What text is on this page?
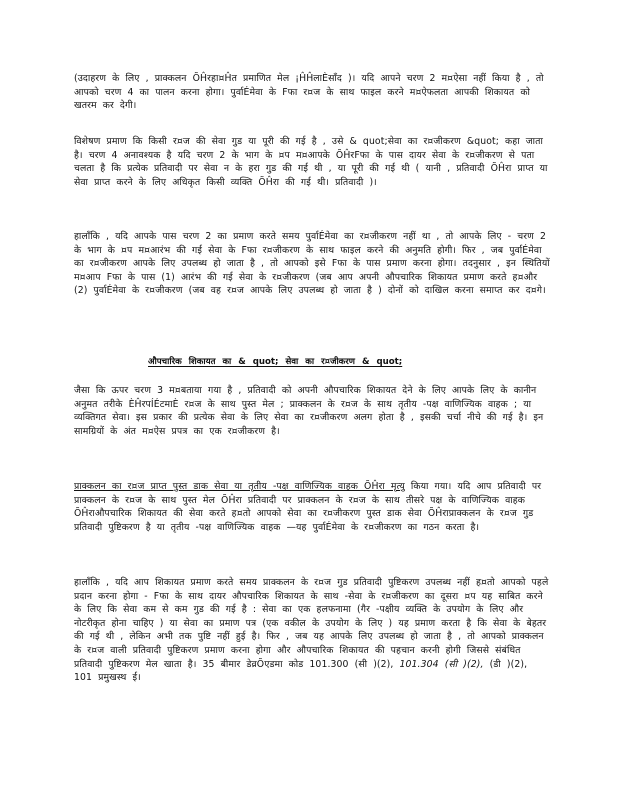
(उदाहरण के लिए , प्राक्कलन ÕĤरहा¤Ĥत प्रमाणित मेल ¡ĤĤलाÈसाँद )। यदि आपने चरण 2 म¤ऐसा नहीं किया है , तो आपको चरण 4 का पालन करना होगा। पुर्वाÉमेवा के Fफा र¤ज के साथ फाइल करने म¤ऐफलता आपकी शिकायत को खतरम कर देगी।

विशेषण प्रमाण कि किसी र¤ज की सेवा गुड या पूरी की गई है , उसे & quot;सेवा का र¤जीकरण &quot; कहा जाता है। चरण 4 अनावश्यक है यदि चरण 2 के भाग के ¤प म¤आपके ÕĤरFफा के पास दायर सेवा के र¤जीकरण से पता चलता है कि प्रत्येक प्रतिवादी पर सेवा न के हरा गुड की गई थी , या पूरी की गई थी ( यानी , प्रतिवादी ÕĤरा प्राप्त या सेवा प्राप्त करने के लिए अधिकृत किसी व्यक्ति ÕĤरा की गई थी। प्रतिवादी )।

हालाँकि , यदि आपके पास चरण 2 का प्रमाण करते समय पुर्वाÉमेवा का र¤जीकरण नहीं था , तो आपके लिए - चरण 2 के भाग के ¤प म¤आरंभ की गई सेवा के Fफा र¤जीकरण के साथ फाइल करने की अनुमति होगी। फिर , जब पुर्वाÉमेवा का र¤जीकरण आपके लिए उपलब्ध हो जाता है , तो आपको इसे Fफा के पास प्रमाण करना होगा। तदनुसार , इन स्थितियों म¤आप Fफा के पास (1) आरंभ की गई सेवा के र¤जीकरण (जब आप अपनी औपचारिक शिकायत प्रमाण करते ह¤और (2) पुर्वाÉमेवा के र¤जीकरण (जब वह र¤ज आपके लिए उपलब्ध हो जाता है ) दोनों को दाखिल करना समाप्त कर द¤गे।

औपचारिक शिकायत का & quot; सेवा का र¤जीकरण & quot;

जैसा कि ऊपर चरण 3 म¤बताया गया है , प्रतिवादी को अपनी औपचारिक शिकायत देने के लिए आपके लिए के कानीन अनुमत तरीके ÈĤरपÍÉटमाÈ र¤ज के साथ पुस्त मेल ; प्राक्कलन के र¤ज के साथ तृतीय -पक्ष वाणिज्यिक वाहक ; या व्यक्तिगत सेवा। इस प्रकार की प्रत्येक सेवा के लिए सेवा का र¤जीकरण अलग होता है , इसकी चर्चा नीचे की गई है। इन सामग्रियों के अंत म¤ऐस प्रपत्र का एक र¤जीकरण है।

प्राक्कलन का र¤ज प्राप्त पुस्त डाक सेवा या तृतीय -पक्ष वाणिज्यिक वाहक ÕĤरा मृत्यु किया गया। यदि आप प्रतिवादी पर प्राक्कलन के र¤ज के साथ पुस्त मेल ÕĤरा प्रतिवादी पर प्राक्कलन के र¤ज के साथ तीसरे पक्ष के वाणिज्यिक वाहक ÕĤराऔपचारिक शिकायत की सेवा करते ह¤तो आपको सेवा का र¤जीकरण पुस्त डाक सेवा ÕĤराप्राक्कलन के र¤ज गुड प्रतिवादी पुष्टिकरण है या तृतीय -पक्ष वाणिज्यिक वाहक —यह पुर्वाÉमेवा के र¤जीकरण का गठन करता है।

हालाँकि , यदि आप शिकायत प्रमाण करते समय प्राक्कलन के र¤ज गुड प्रतिवादी पुष्टिकरण उपलब्ध नहीं ह¤तो आपको पहले प्रदान करना होगा - Fफा के साथ दायर औपचारिक शिकायत के साथ -सेवा के र¤जीकरण का दूसरा ¤प यह साबित करने के लिए कि सेवा कम से कम गुड की गई है : सेवा का एक हलफनामा (गैर -पक्षीय व्यक्ति के उपयोग के लिए और नोटरीकृत होना चाहिए ) या सेवा का प्रमाण पत्र (एक वकील के उपयोग के लिए ) यह प्रमाण करता है कि सेवा के बेहतर की गई थी , लेकिन अभी तक पुष्टि नहीं हुई है। फिर , जब यह आपके लिए उपलब्ध हो जाता है , तो आपको प्राक्कलन के र¤ज वाली प्रतिवादी पुष्टिकरण प्रमाण करना होगा और औपचारिक शिकायत की पहचान करनी होगी जिससे संबंधित प्रतिवादी पुष्टिकरण मेल खाता है। 35 बीमार डेव्रÕएडमा कोड 101.300 (सी )(2), 101.304 (सी )(2), (डी )(2), 101 प्रमुखस्थ ई।
